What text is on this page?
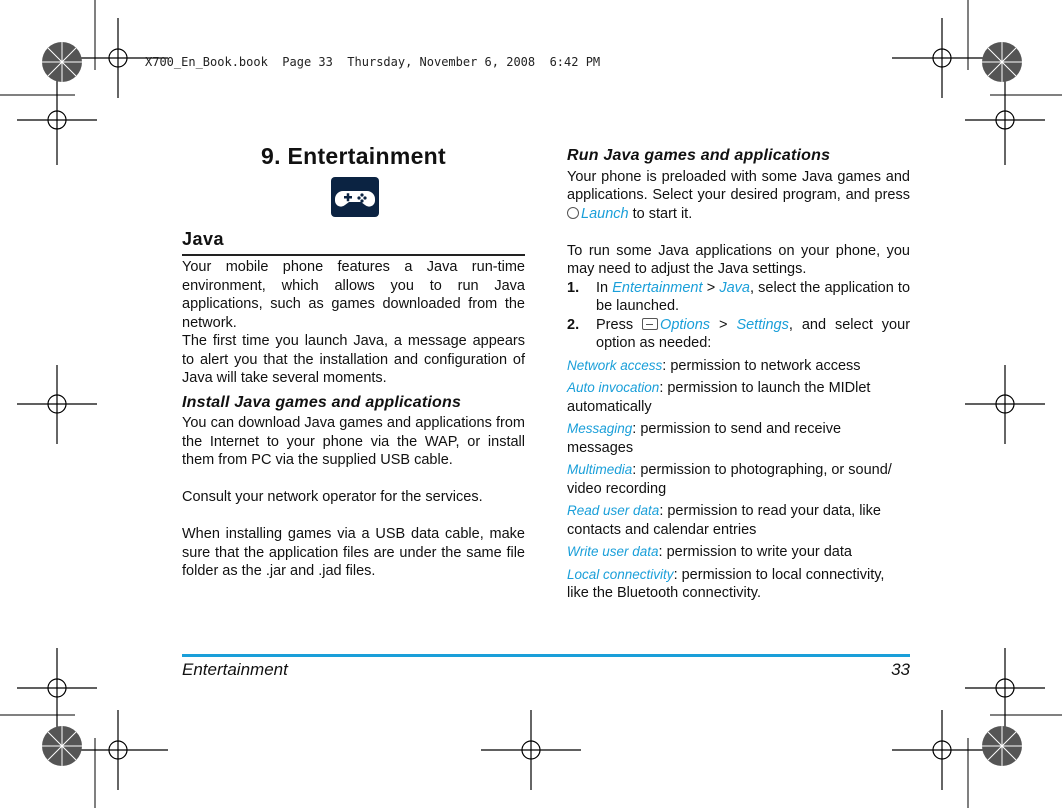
X700_En_Book.book  Page 33  Thursday, November 6, 2008  6:42 PM
9. Entertainment
Java

Your mobile phone features a Java run-time environment, which allows you to run Java applications, such as games downloaded from the network.

The first time you launch Java, a message appears to alert you that the installation and configuration of Java will take several moments.

Install Java games and applications

You can download Java games and applications from the Internet to your phone via the WAP, or install them from PC via the supplied USB cable.

Consult your network operator for the services.

When installing games via a USB data cable, make sure that the application files are under the same file folder as the .jar and .jad files.

Run Java games and applications

Your phone is preloaded with some Java games and applications. Select your desired program, and press Launch to start it.

To run some Java applications on your phone, you may need to adjust the Java settings.

1. In Entertainment > Java, select the application to be launched.
2. Press Options > Settings, and select your option as needed:
Network access: permission to network access
Auto invocation: permission to launch the MIDlet automatically
Messaging: permission to send and receive messages
Multimedia: permission to photographing, or sound/ video recording
Read user data: permission to read your data, like contacts and calendar entries
Write user data: permission to write your data
Local connectivity: permission to local connectivity, like the Bluetooth connectivity.
Entertainment	33
